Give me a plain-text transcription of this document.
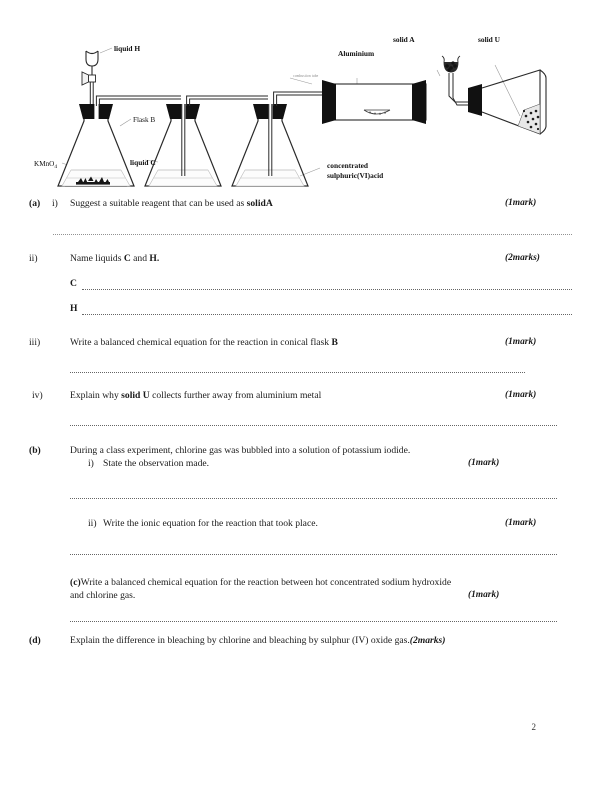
liquid H
Flask B
liquid C
KMnO$_4$
combustion tube
Aluminium
solid A	solid U
concentrated
sulphuric(VI)acid
(a) i) Suggest a suitable reagent that can be used as solidA	(1mark)
ii)	Name liquids C and H.	(2marks)
C
H
iii)	Write a balanced chemical equation for the reaction in conical flask B	(1mark)
iv)	Explain why solid U collects further away from aluminium metal	(1mark)
(b)	During a class experiment, chlorine gas was bubbled into a solution of potassium iodide.
i) State the observation made.	(1mark)
ii) Write the ionic equation for the reaction that took place.	(1mark)
(c)Write a balanced chemical equation for the reaction between hot concentrated sodium hydroxide
and chlorine gas.	(1mark)
(d)	Explain the difference in bleaching by chlorine and bleaching by sulphur (IV) oxide gas.(2marks)
2
